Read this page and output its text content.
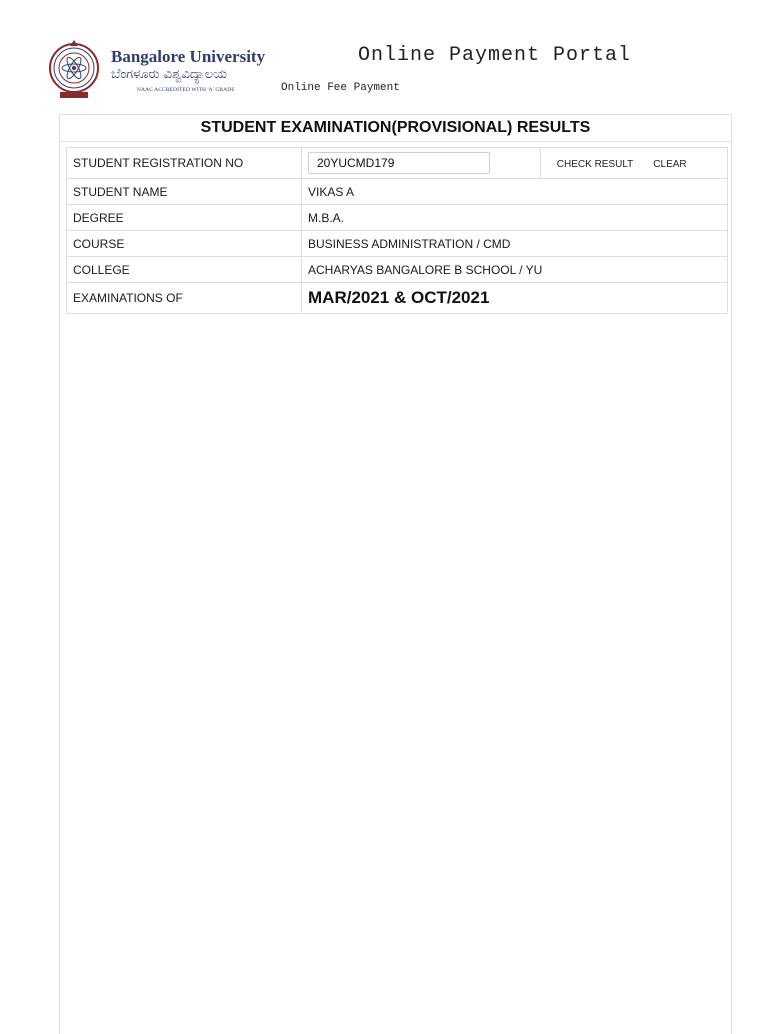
Bangalore University
ಬೆಂಗಳೂರು ವಿಶ್ವವಿದ್ಯಾಲಯ
NAAC ACCREDITED WITH 'A' GRADE
Online Payment Portal
Online Fee Payment
STUDENT EXAMINATION(PROVISIONAL) RESULTS
STUDENT REGISTRATION NO	20YUCMD179	CHECK RESULT CLEAR
STUDENT NAME	VIKAS A	
DEGREE	M.B.A.	
COURSE	BUSINESS ADMINISTRATION / CMD	
COLLEGE	ACHARYAS BANGALORE B SCHOOL / YU	
EXAMINATIONS OF	MAR/2021 & OCT/2021	
